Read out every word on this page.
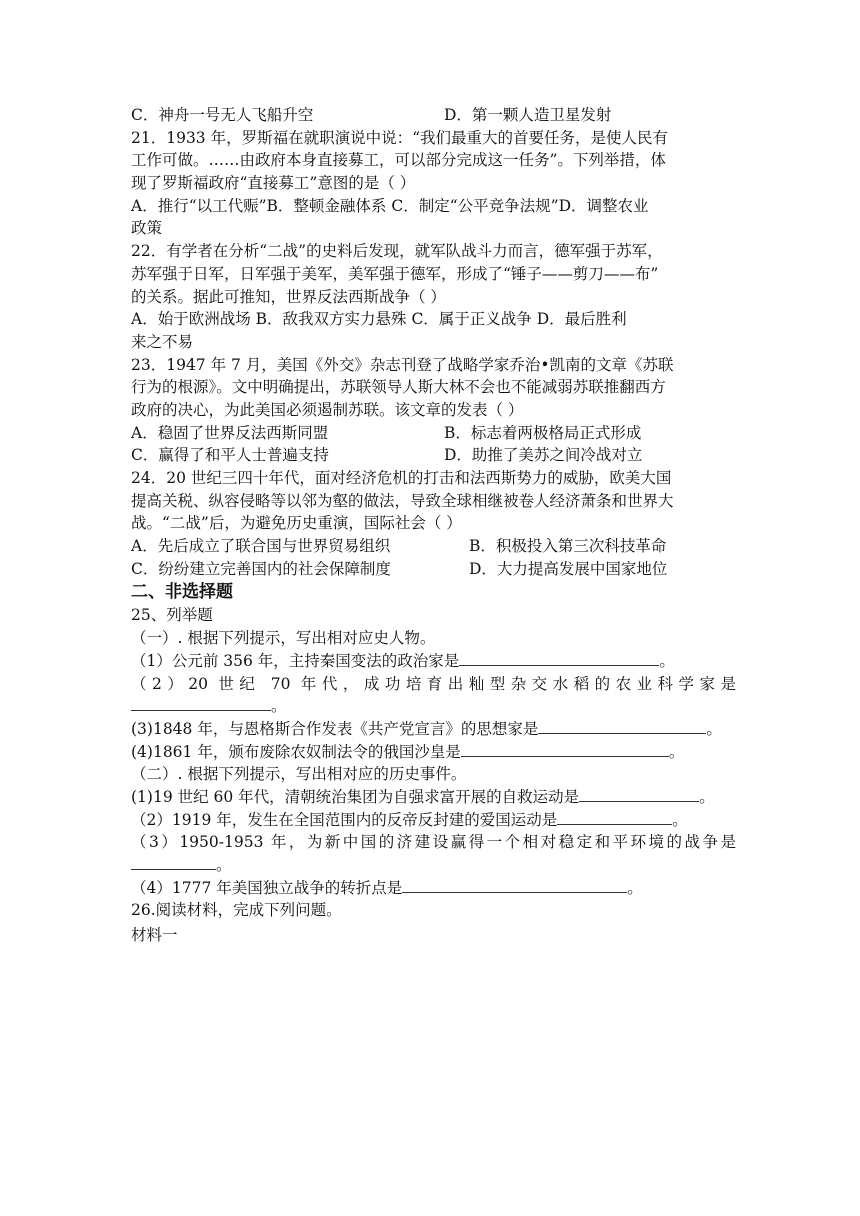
C．神舟一号无人飞船升空	D．第一颗人造卫星发射
21．1933 年，罗斯福在就职演说中说：“我们最重大的首要任务，是使人民有
工作可做。……由政府本身直接募工，可以部分完成这一任务”。下列举措，体
现了罗斯福政府“直接募工”意图的是（ ）
A．推行“以工代赈”B．整顿金融体系 C．制定“公平竞争法规”D．调整农业
政策
22．有学者在分析“二战”的史料后发现，就军队战斗力而言，德军强于苏军，
苏军强于日军，日军强于美军，美军强于德军，形成了“锤子——剪刀——布”
的关系。据此可推知，世界反法西斯战争（ ）
A．始于欧洲战场 B．敌我双方实力悬殊 C．属于正义战争 D．最后胜利
来之不易
23．1947 年 7 月，美国《外交》杂志刊登了战略学家乔治•凯南的文章《苏联
行为的根源》。文中明确提出，苏联领导人斯大林不会也不能减弱苏联推翻西方
政府的决心，为此美国必须遏制苏联。该文章的发表（ ）
A．稳固了世界反法西斯同盟	B．标志着两极格局正式形成
C．赢得了和平人士普遍支持	D．助推了美苏之间冷战对立
24．20 世纪三四十年代，面对经济危机的打击和法西斯势力的威胁，欧美大国
提高关税、纵容侵略等以邻为壑的做法，导致全球相继被卷人经济萧条和世界大
战。“二战”后，为避免历史重演，国际社会（ ）
A．先后成立了联合国与世界贸易组织	B．积极投入第三次科技革命
C．纷纷建立完善国内的社会保障制度	D．大力提高发展中国家地位
二、非选择题
25、列举题
（一）. 根据下列提示，写出相对应史人物。
（1）公元前 356 年，主持秦国变法的政治家是	。
（2）20 世纪 70 年代，成功培育出籼型杂交水稻的农业科学家是
。
(3)1848 年，与恩格斯合作发表《共产党宣言》的思想家是	。
(4)1861 年，颁布废除农奴制法令的俄国沙皇是	。
（二）. 根据下列提示，写出相对应的历史事件。
(1)19 世纪 60 年代，清朝统治集团为自强求富开展的自救运动是	。
（2）1919 年，发生在全国范围内的反帝反封建的爱国运动是	。
（3）1950-1953 年，为新中国的济建设赢得一个相对稳定和平环境的战争是
。
（4）1777 年美国独立战争的转折点是	。
26.阅读材料，完成下列问题。
材料一
